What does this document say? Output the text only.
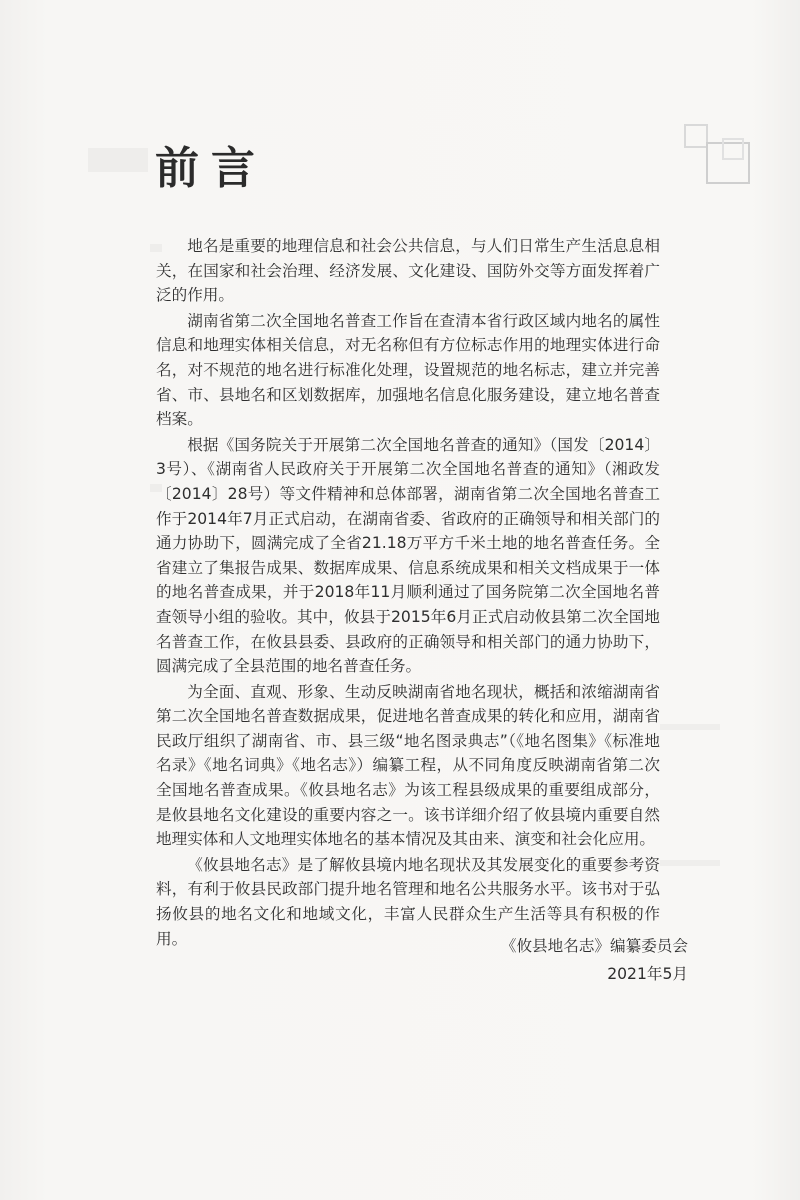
前言

地名是重要的地理信息和社会公共信息，与人们日常生产生活息息相关，在国家和社会治理、经济发展、文化建设、国防外交等方面发挥着广泛的作用。

湖南省第二次全国地名普查工作旨在查清本省行政区域内地名的属性信息和地理实体相关信息，对无名称但有方位标志作用的地理实体进行命名，对不规范的地名进行标准化处理，设置规范的地名标志，建立并完善省、市、县地名和区划数据库，加强地名信息化服务建设，建立地名普查档案。

根据《国务院关于开展第二次全国地名普查的通知》（国发〔2014〕3号）、《湖南省人民政府关于开展第二次全国地名普查的通知》（湘政发〔2014〕28号）等文件精神和总体部署，湖南省第二次全国地名普查工作于2014年7月正式启动，在湖南省委、省政府的正确领导和相关部门的通力协助下，圆满完成了全省21.18万平方千米土地的地名普查任务。全省建立了集报告成果、数据库成果、信息系统成果和相关文档成果于一体的地名普查成果，并于2018年11月顺利通过了国务院第二次全国地名普查领导小组的验收。其中，攸县于2015年6月正式启动攸县第二次全国地名普查工作，在攸县县委、县政府的正确领导和相关部门的通力协助下，圆满完成了全县范围的地名普查任务。

为全面、直观、形象、生动反映湖南省地名现状，概括和浓缩湖南省第二次全国地名普查数据成果，促进地名普查成果的转化和应用，湖南省民政厅组织了湖南省、市、县三级“地名图录典志”（《地名图集》《标准地名录》《地名词典》《地名志》）编纂工程，从不同角度反映湖南省第二次全国地名普查成果。《攸县地名志》为该工程县级成果的重要组成部分，是攸县地名文化建设的重要内容之一。该书详细介绍了攸县境内重要自然地理实体和人文地理实体地名的基本情况及其由来、演变和社会化应用。

《攸县地名志》是了解攸县境内地名现状及其发展变化的重要参考资料，有利于攸县民政部门提升地名管理和地名公共服务水平。该书对于弘扬攸县的地名文化和地域文化，丰富人民群众生产生活等具有积极的作用。	《攸县地名志》编纂委员会
2021年5月
